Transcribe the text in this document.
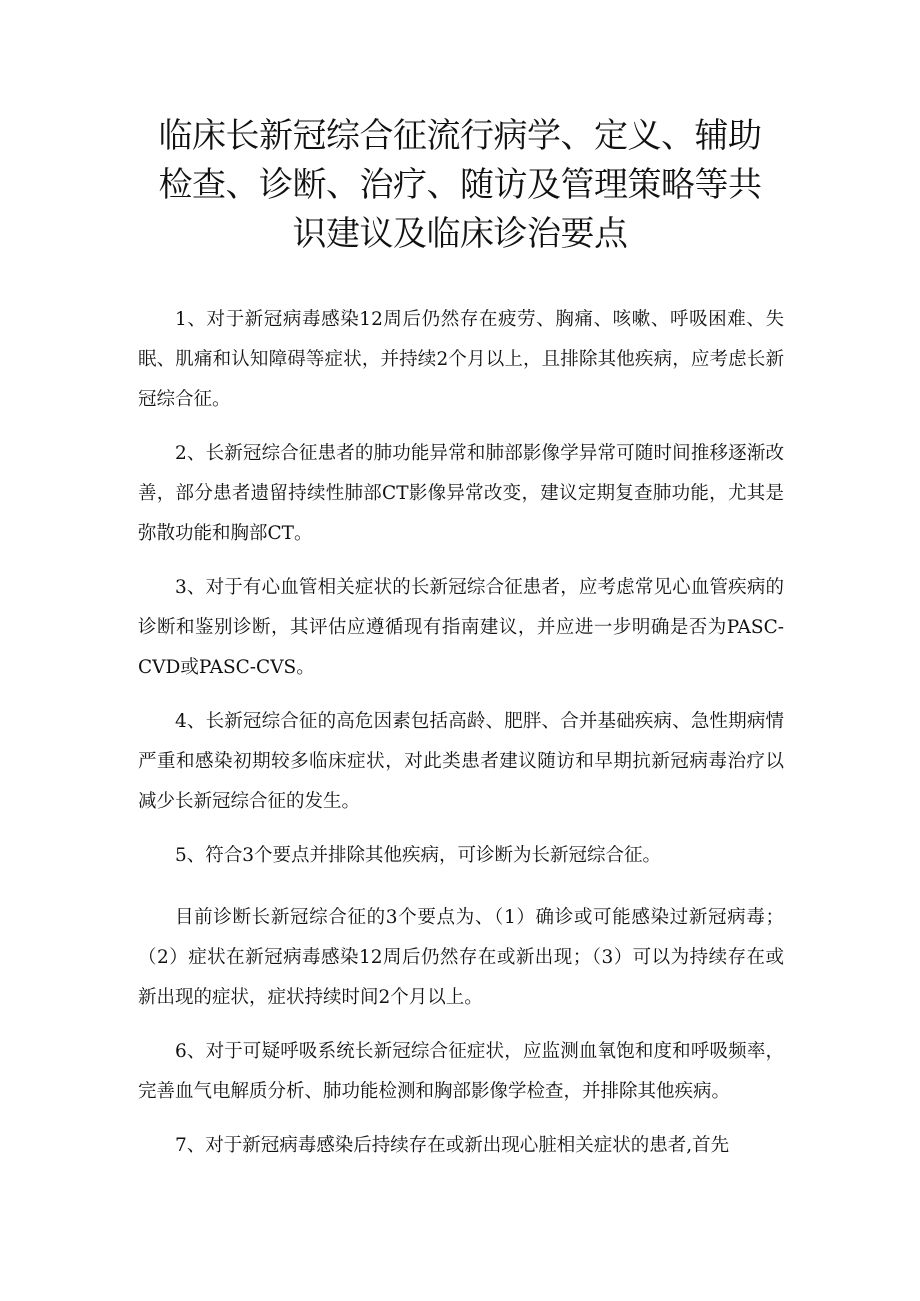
临床长新冠综合征流行病学、定义、辅助检查、诊断、治疗、随访及管理策略等共识建议及临床诊治要点

1、对于新冠病毒感染12周后仍然存在疲劳、胸痛、咳嗽、呼吸困难、失眠、肌痛和认知障碍等症状，并持续2个月以上，且排除其他疾病，应考虑长新冠综合征。

2、长新冠综合征患者的肺功能异常和肺部影像学异常可随时间推移逐渐改善，部分患者遗留持续性肺部CT影像异常改变，建议定期复查肺功能，尤其是弥散功能和胸部CT。

3、对于有心血管相关症状的长新冠综合征患者，应考虑常见心血管疾病的诊断和鉴别诊断，其评估应遵循现有指南建议，并应进一步明确是否为PASC-CVD或PASC-CVS。

4、长新冠综合征的高危因素包括高龄、肥胖、合并基础疾病、急性期病情严重和感染初期较多临床症状，对此类患者建议随访和早期抗新冠病毒治疗以减少长新冠综合征的发生。

5、符合3个要点并排除其他疾病，可诊断为长新冠综合征。

目前诊断长新冠综合征的3个要点为、（1）确诊或可能感染过新冠病毒；（2）症状在新冠病毒感染12周后仍然存在或新出现；（3）可以为持续存在或新出现的症状，症状持续时间2个月以上。

6、对于可疑呼吸系统长新冠综合征症状，应监测血氧饱和度和呼吸频率，完善血气电解质分析、肺功能检测和胸部影像学检查，并排除其他疾病。

7、对于新冠病毒感染后持续存在或新出现心脏相关症状的患者,首先
